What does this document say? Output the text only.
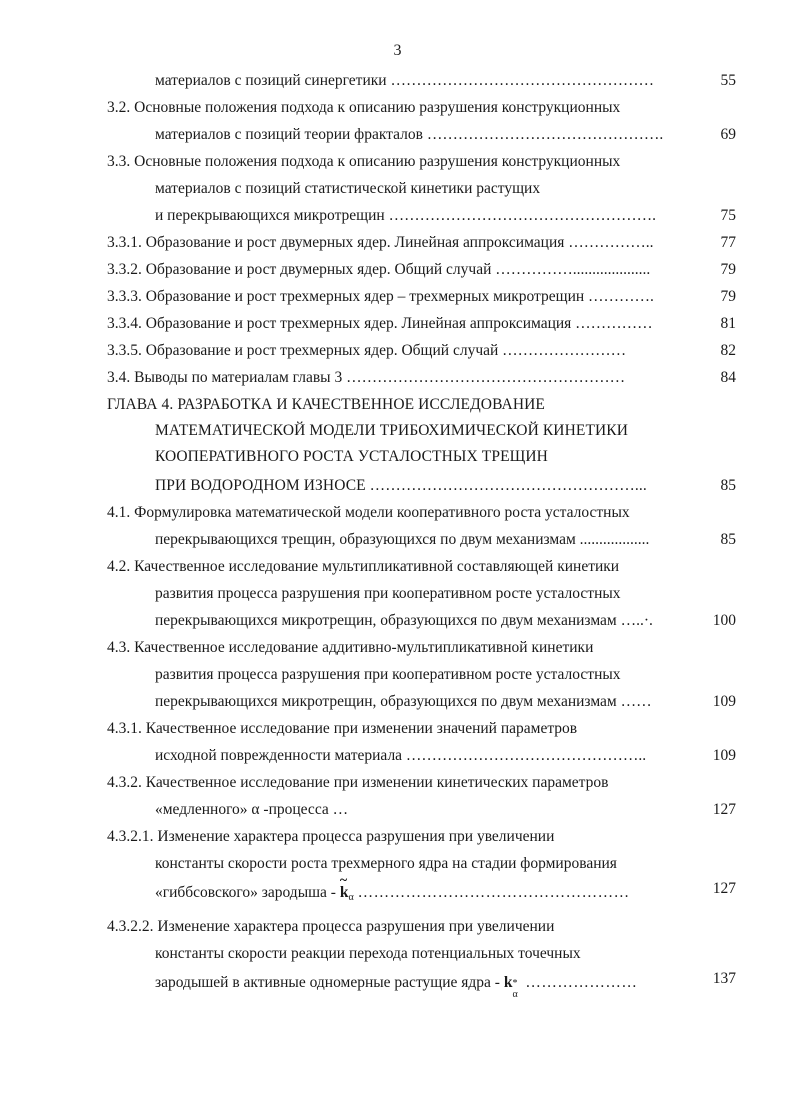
3
материалов с позиций синергетики ……………………………………………	55
3.2. Основные положения подхода к описанию разрушения конструкционных
материалов с позиций теории фракталов ……………………………………….	69
3.3. Основные положения подхода к описанию разрушения конструкционных
материалов с позиций статистической кинетики растущих
и перекрывающихся микротрещин …………………………………………….	75
3.3.1. Образование и рост двумерных ядер. Линейная аппроксимация ……………..	77
3.3.2. Образование и рост двумерных ядер. Общий случай ……………....................	79
3.3.3. Образование и рост трехмерных ядер – трехмерных микротрещин ………….	79
3.3.4. Образование и рост трехмерных ядер. Линейная аппроксимация ……………	81
3.3.5. Образование и рост трехмерных ядер. Общий случай ……………………	82
3.4. Выводы по материалам главы 3 ………………………………………………	84
ГЛАВА 4. РАЗРАБОТКА И КАЧЕСТВЕННОЕ ИССЛЕДОВАНИЕ
МАТЕМАТИЧЕСКОЙ МОДЕЛИ ТРИБОХИМИЧЕСКОЙ КИНЕТИКИ
КООПЕРАТИВНОГО РОСТА УСТАЛОСТНЫХ ТРЕЩИН
ПРИ ВОДОРОДНОМ ИЗНОСЕ ……………………………………………...	85
4.1. Формулировка математической модели кооперативного роста усталостных
перекрывающихся трещин, образующихся по двум механизмам ..................	85
4.2. Качественное исследование мультипликативной составляющей кинетики
развития процесса разрушения при кооперативном росте усталостных
перекрывающихся микротрещин, образующихся по двум механизмам …..·.	100
4.3. Качественное исследование аддитивно-мультипликативной кинетики
развития процесса разрушения при кооперативном росте усталостных
перекрывающихся микротрещин, образующихся по двум механизмам ……	109
4.3.1. Качественное исследование при изменении значений параметров
исходной поврежденности материала ………………………………………..	109
4.3.2. Качественное исследование при изменении кинетических параметров
«медленного» α -процесса …	127
4.3.2.1. Изменение характера процесса разрушения при увеличении
константы скорости роста трехмерного ядра на стадии формирования
«гиббсовского» зародыша - ~ $k_\alpha$ ……………………………………………	127
4.3.2.2. Изменение характера процесса разрушения при увеличении
константы скорости реакции перехода потенциальных точечных
зародышей в активные одномерные растущие ядра - k *
α
…………………	137
